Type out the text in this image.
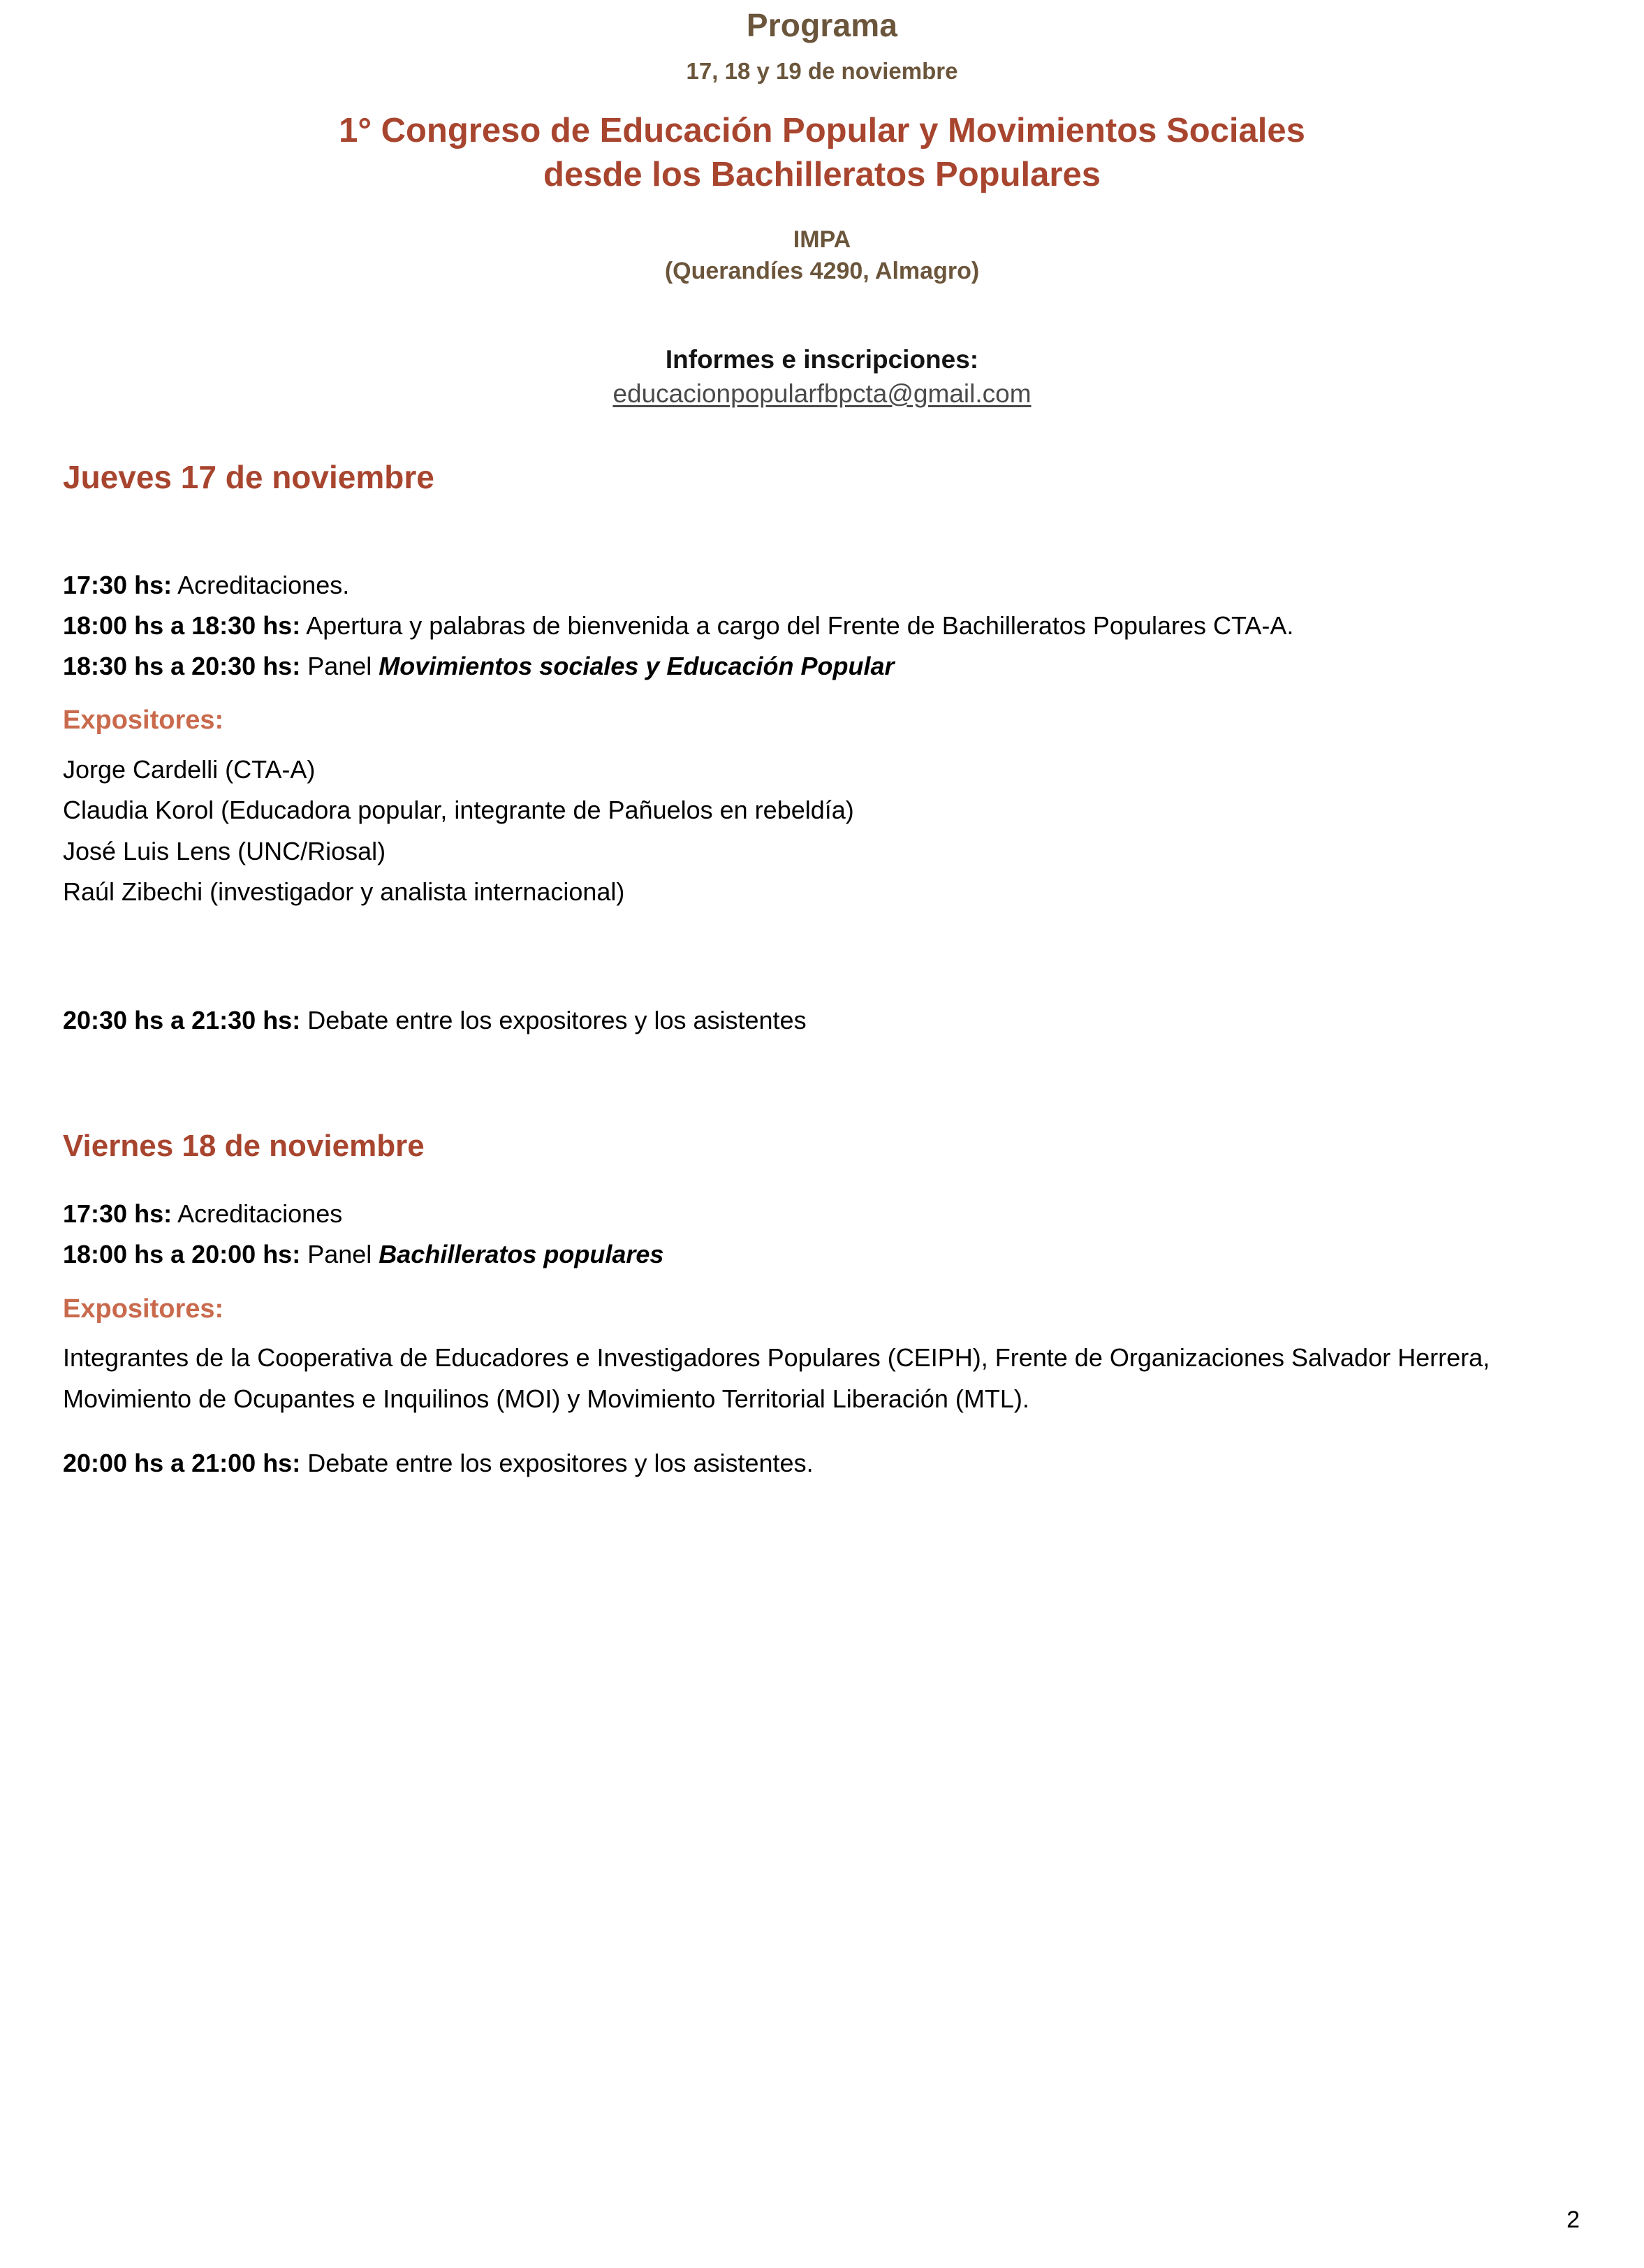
Programa
17, 18 y 19 de noviembre
1° Congreso de Educación Popular y Movimientos Sociales
desde los Bachilleratos Populares
IMPA
(Querandíes 4290, Almagro)
Informes e inscripciones:
educacionpopularfbpcta@gmail.com
Jueves 17 de noviembre

17:30 hs: Acreditaciones.

18:00 hs a 18:30 hs: Apertura y palabras de bienvenida a cargo del Frente de Bachilleratos Populares CTA-A.

18:30 hs a 20:30 hs: Panel Movimientos sociales y Educación Popular

Expositores:

Jorge Cardelli (CTA-A)

Claudia Korol (Educadora popular, integrante de Pañuelos en rebeldía)

José Luis Lens (UNC/Riosal)

Raúl Zibechi (investigador y analista internacional)

20:30 hs a 21:30 hs: Debate entre los expositores y los asistentes

Viernes 18 de noviembre

17:30 hs: Acreditaciones

18:00 hs a 20:00 hs: Panel Bachilleratos populares

Expositores:

Integrantes de la Cooperativa de Educadores e Investigadores Populares (CEIPH), Frente de Organizaciones Salvador Herrera, Movimiento de Ocupantes e Inquilinos (MOI) y Movimiento Territorial Liberación (MTL).

20:00 hs a 21:00 hs: Debate entre los expositores y los asistentes.

2
